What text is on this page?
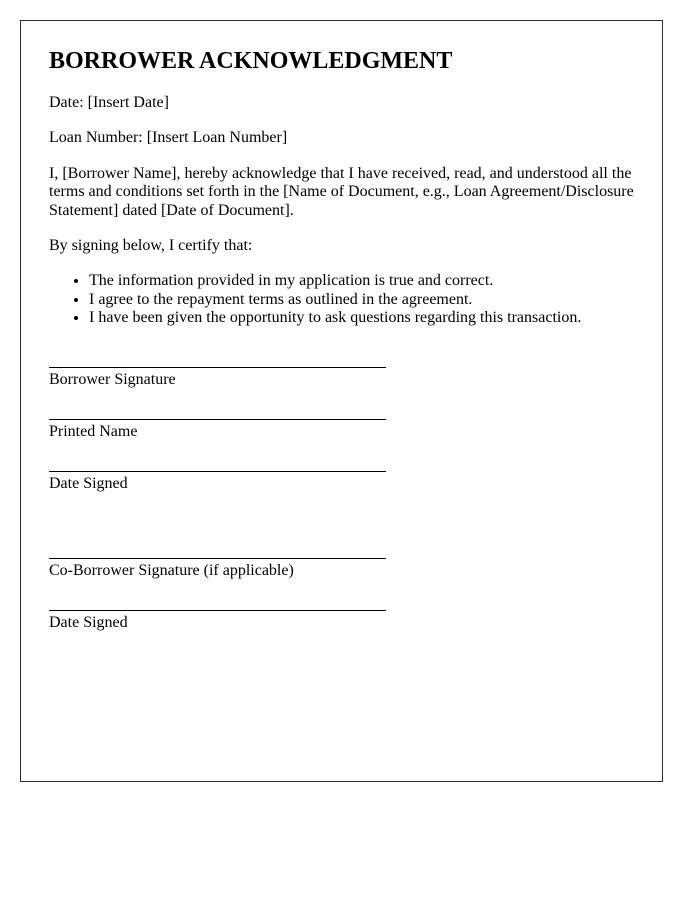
BORROWER ACKNOWLEDGMENT

Date: [Insert Date]

Loan Number: [Insert Loan Number]

I, [Borrower Name], hereby acknowledge that I have received, read, and understood all the terms and conditions set forth in the [Name of Document, e.g., Loan Agreement/Disclosure Statement] dated [Date of Document].

By signing below, I certify that:

• The information provided in my application is true and correct.
• I agree to the repayment terms as outlined in the agreement.
• I have been given the opportunity to ask questions regarding this transaction.

Borrower Signature

Printed Name

Date Signed

Co-Borrower Signature (if applicable)

Date Signed
